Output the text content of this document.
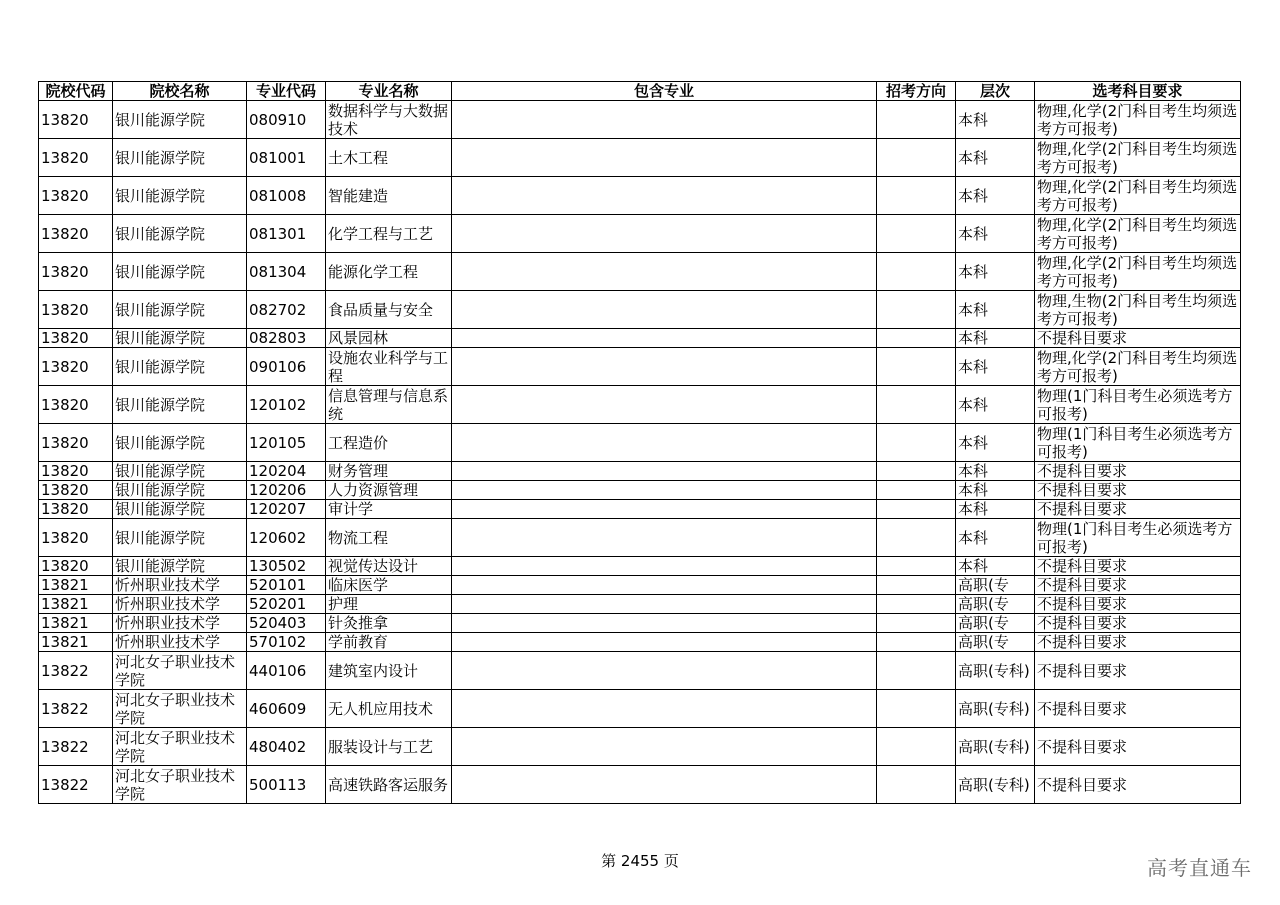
院校代码	院校名称	专业代码	专业名称	包含专业	招考方向	层次	选考科目要求
13820	银川能源学院	080910	数据科学与大数据技术			本科	物理,化学(2门科目考生均须选考方可报考)
13820	银川能源学院	081001	土木工程			本科	物理,化学(2门科目考生均须选考方可报考)
13820	银川能源学院	081008	智能建造			本科	物理,化学(2门科目考生均须选考方可报考)
13820	银川能源学院	081301	化学工程与工艺			本科	物理,化学(2门科目考生均须选考方可报考)
13820	银川能源学院	081304	能源化学工程			本科	物理,化学(2门科目考生均须选考方可报考)
13820	银川能源学院	082702	食品质量与安全			本科	物理,生物(2门科目考生均须选考方可报考)
13820	银川能源学院	082803	风景园林			本科	不提科目要求
13820	银川能源学院	090106	设施农业科学与工程			本科	物理,化学(2门科目考生均须选考方可报考)
13820	银川能源学院	120102	信息管理与信息系统			本科	物理(1门科目考生必须选考方可报考)
13820	银川能源学院	120105	工程造价			本科	物理(1门科目考生必须选考方可报考)
13820	银川能源学院	120204	财务管理			本科	不提科目要求
13820	银川能源学院	120206	人力资源管理			本科	不提科目要求
13820	银川能源学院	120207	审计学			本科	不提科目要求
13820	银川能源学院	120602	物流工程			本科	物理(1门科目考生必须选考方可报考)
13820	银川能源学院	130502	视觉传达设计			本科	不提科目要求
13821	忻州职业技术学	520101	临床医学			高职(专	不提科目要求
13821	忻州职业技术学	520201	护理			高职(专	不提科目要求
13821	忻州职业技术学	520403	针灸推拿			高职(专	不提科目要求
13821	忻州职业技术学	570102	学前教育			高职(专	不提科目要求
13822	河北女子职业技术学院	440106	建筑室内设计			高职(专科)	不提科目要求
13822	河北女子职业技术学院	460609	无人机应用技术			高职(专科)	不提科目要求
13822	河北女子职业技术学院	480402	服装设计与工艺			高职(专科)	不提科目要求
13822	河北女子职业技术学院	500113	高速铁路客运服务			高职(专科)	不提科目要求
第 2455 页	高考直通车
